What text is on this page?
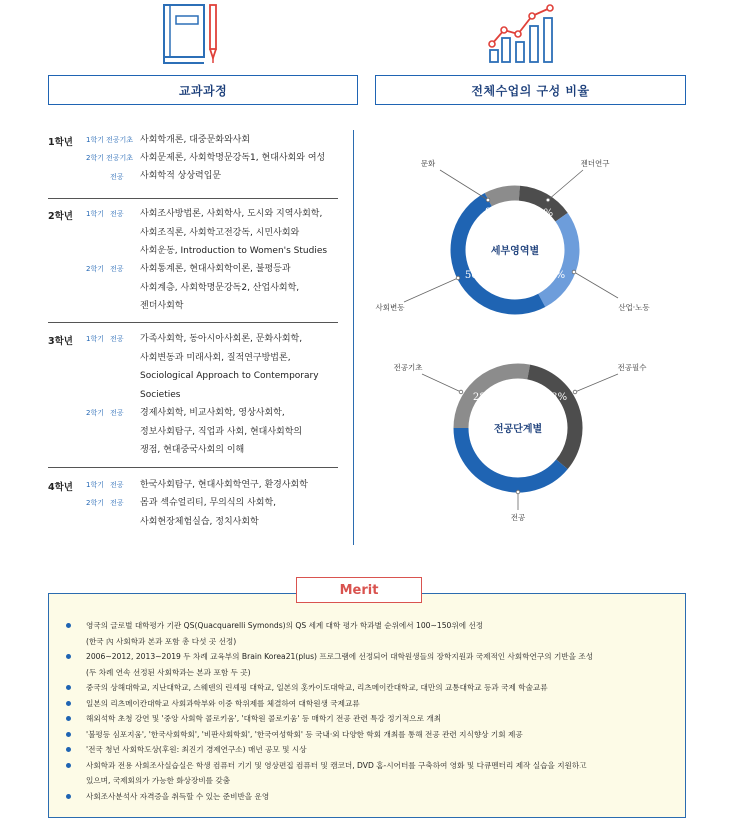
교과과정	전체수업의 구성 비율
1학년 1학기 전공기초 사회학개론, 대중문화와사회
2학기 전공기초 사회문제론, 사회학명문강독1, 현대사회와 여성
전공 사회학적 상상력입문
2학년 1학기 전공 사회조사방법론, 사회학사, 도시와 지역사회학,
사회조직론, 사회학고전강독, 시민사회와
사회운동, Introduction to Women's Studies
2학기 전공 사회통계론, 현대사회학이론, 불평등과
사회계층, 사회학명문강독2, 산업사회학,
젠더사회학
3학년 1학기 전공 가족사회학, 동아시아사회론, 문화사회학,
사회변동과 미래사회, 질적연구방법론,
Sociological Approach to Contemporary
Societies
2학기 전공 경제사회학, 비교사회학, 영상사회학,
정보사회탐구, 직업과 사회, 현대사회학의
쟁점, 현대중국사회의 이해
4학년 1학기 전공 한국사회탐구, 현대사회학연구, 환경사회학
2학기 전공 몸과 섹슈얼리티, 무의식의 사회학,
사회현장체험실습, 정치사회학
세부영역별
문화
9%
젠더연구
14%
산업·노동
27%
사회변동
50%
전공단계별
전공기초
28%
전공필수
33%
전공
39%
Merit
영국의 글로벌 대학평가 기관 QS(Quacquarelli Symonds)의 QS 세계 대학 평가 학과별 순위에서 100~150위에 선정
(한국 內 사회학과 본과 포함 총 다섯 곳 선정)
2006~2012, 2013~2019 두 차례 교육부의 Brain Korea21(plus) 프로그램에 선정되어 대학원생들의 장학지원과 국제적인 사회학연구의 기반을 조성
(두 차례 연속 선정된 사회학과는 본과 포함 두 곳)
중국의 상해대학교, 지난대학교, 스웨덴의 린셰핑 대학교, 일본의 홋카이도대학교, 리츠메이칸대학교, 대만의 교통대학교 등과 국제 학술교류
일본의 리츠메이칸대학교 사회과학부와 이중 학위제를 체결하여 대학원생 국제교류
해외석학 초청 강연 및 '중앙 사회학 콜로키움', '대학원 콜로키움' 등 매학기 전공 관련 특강 정기적으로 개최
'불평등 심포지움', '한국사회학회', '비판사회학회', '한국여성학회' 등 국내·외 다양한 학회 개최를 통해 전공 관련 지식향상 기회 제공
'전국 청년 사회학도상(후원: 최진기 경제연구소) 매년 공모 및 시상
사회학과 전용 사회조사실습실은 학생 컴퓨터 기기 및 영상편집 컴퓨터 및 캠코더, DVD 홈-시어터를 구축하여 영화 및 다큐멘터리 제작 실습을 지원하고
있으며, 국제회의가 가능한 화상장비를 갖춤
사회조사분석사 자격증을 취득할 수 있는 준비반을 운영
